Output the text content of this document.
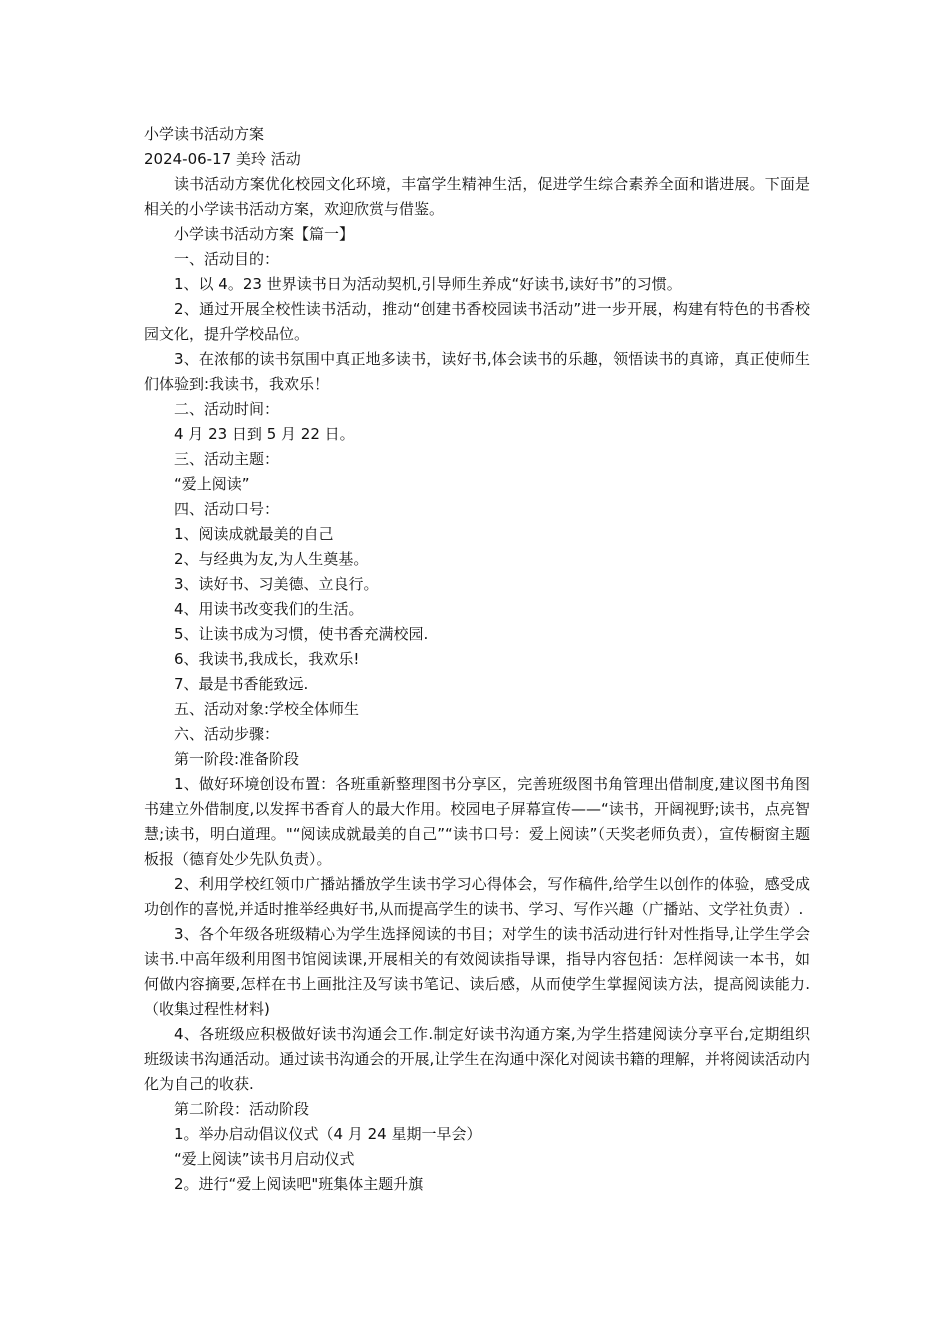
小学读书活动方案

2024-06-17 美玲 活动

读书活动方案优化校园文化环境，丰富学生精神生活，促进学生综合素养全面和谐进展。下面是相关的小学读书活动方案，欢迎欣赏与借鉴。

小学读书活动方案【篇一】

一、活动目的：

1、以 4。23 世界读书日为活动契机,引导师生养成“好读书,读好书”的习惯。

2、通过开展全校性读书活动，推动“创建书香校园读书活动”进一步开展，构建有特色的书香校园文化，提升学校品位。

3、在浓郁的读书氛围中真正地多读书，读好书,体会读书的乐趣，领悟读书的真谛，真正使师生们体验到:我读书，我欢乐！

二、活动时间：

4 月 23 日到 5 月 22 日。

三、活动主题：

“爱上阅读”

四、活动口号：

1、阅读成就最美的自己

2、与经典为友,为人生奠基。

3、读好书、习美德、立良行。

4、用读书改变我们的生活。

5、让读书成为习惯，使书香充满校园.

6、我读书,我成长，我欢乐!

7、最是书香能致远.

五、活动对象:学校全体师生

六、活动步骤：

第一阶段:准备阶段

1、做好环境创设布置：各班重新整理图书分享区，完善班级图书角管理出借制度,建议图书角图书建立外借制度,以发挥书香育人的最大作用。校园电子屏幕宣传——“读书，开阔视野;读书，点亮智慧;读书，明白道理。"“阅读成就最美的自己”“读书口号：爱上阅读”（天奖老师负责），宣传橱窗主题板报（德育处少先队负责）。

2、利用学校红领巾广播站播放学生读书学习心得体会，写作稿件,给学生以创作的体验，感受成功创作的喜悦,并适时推举经典好书,从而提高学生的读书、学习、写作兴趣（广播站、文学社负责）.

3、各个年级各班级精心为学生选择阅读的书目；对学生的读书活动进行针对性指导,让学生学会读书.中高年级利用图书馆阅读课,开展相关的有效阅读指导课，指导内容包括：怎样阅读一本书，如何做内容摘要,怎样在书上画批注及写读书笔记、读后感，从而使学生掌握阅读方法，提高阅读能力.（收集过程性材料)

4、各班级应积极做好读书沟通会工作.制定好读书沟通方案,为学生搭建阅读分享平台,定期组织班级读书沟通活动。通过读书沟通会的开展,让学生在沟通中深化对阅读书籍的理解，并将阅读活动内化为自己的收获.

第二阶段：活动阶段

1。举办启动倡议仪式（4 月 24 星期一早会）

“爱上阅读”读书月启动仪式

2。进行“爱上阅读吧"班集体主题升旗
